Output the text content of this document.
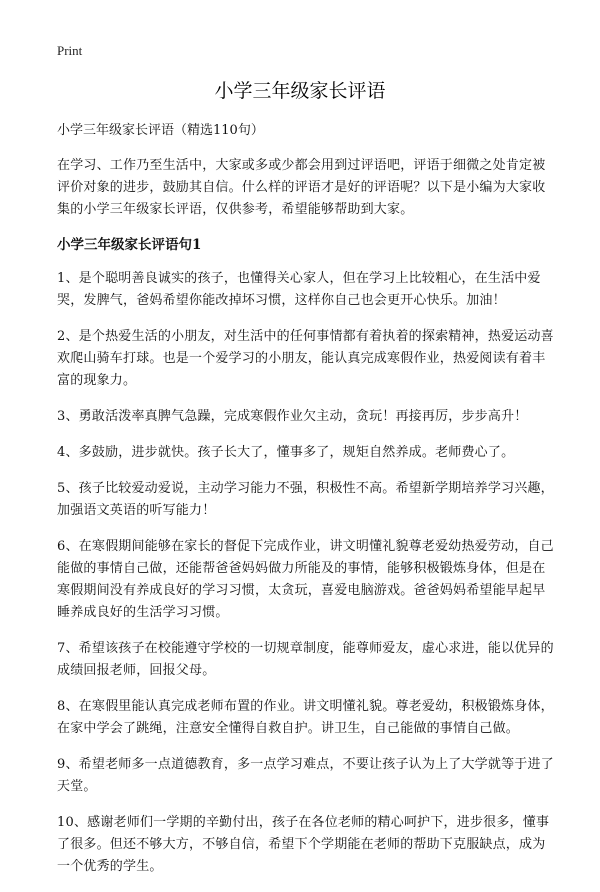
Print
小学三年级家长评语

小学三年级家长评语（精选110句）

在学习、工作乃至生活中，大家或多或少都会用到过评语吧，评语于细微之处肯定被评价对象的进步，鼓励其自信。什么样的评语才是好的评语呢？以下是小编为大家收集的小学三年级家长评语，仅供参考，希望能够帮助到大家。

小学三年级家长评语句1

1、是个聪明善良诚实的孩子，也懂得关心家人，但在学习上比较粗心，在生活中爱哭，发脾气，爸妈希望你能改掉坏习惯，这样你自己也会更开心快乐。加油！

2、是个热爱生活的小朋友，对生活中的任何事情都有着执着的探索精神，热爱运动喜欢爬山骑车打球。也是一个爱学习的小朋友，能认真完成寒假作业，热爱阅读有着丰富的现象力。

3、勇敢活泼率真脾气急躁，完成寒假作业欠主动，贪玩！再接再厉，步步高升！

4、多鼓励，进步就快。孩子长大了，懂事多了，规矩自然养成。老师费心了。

5、孩子比较爱动爱说，主动学习能力不强，积极性不高。希望新学期培养学习兴趣，加强语文英语的听写能力！

6、在寒假期间能够在家长的督促下完成作业，讲文明懂礼貌尊老爱幼热爱劳动，自己能做的事情自己做，还能帮爸爸妈妈做力所能及的事情，能够积极锻炼身体，但是在寒假期间没有养成良好的学习习惯，太贪玩，喜爱电脑游戏。爸爸妈妈希望能早起早睡养成良好的生活学习习惯。

7、希望该孩子在校能遵守学校的一切规章制度，能尊师爱友，虚心求进，能以优异的成绩回报老师，回报父母。

8、在寒假里能认真完成老师布置的作业。讲文明懂礼貌。尊老爱幼，积极锻炼身体，在家中学会了跳绳，注意安全懂得自救自护。讲卫生，自己能做的事情自己做。

9、希望老师多一点道德教育，多一点学习难点，不要让孩子认为上了大学就等于进了天堂。

10、感谢老师们一学期的辛勤付出，孩子在各位老师的精心呵护下，进步很多，懂事了很多。但还不够大方，不够自信，希望下个学期能在老师的帮助下克服缺点，成为一个优秀的学生。
